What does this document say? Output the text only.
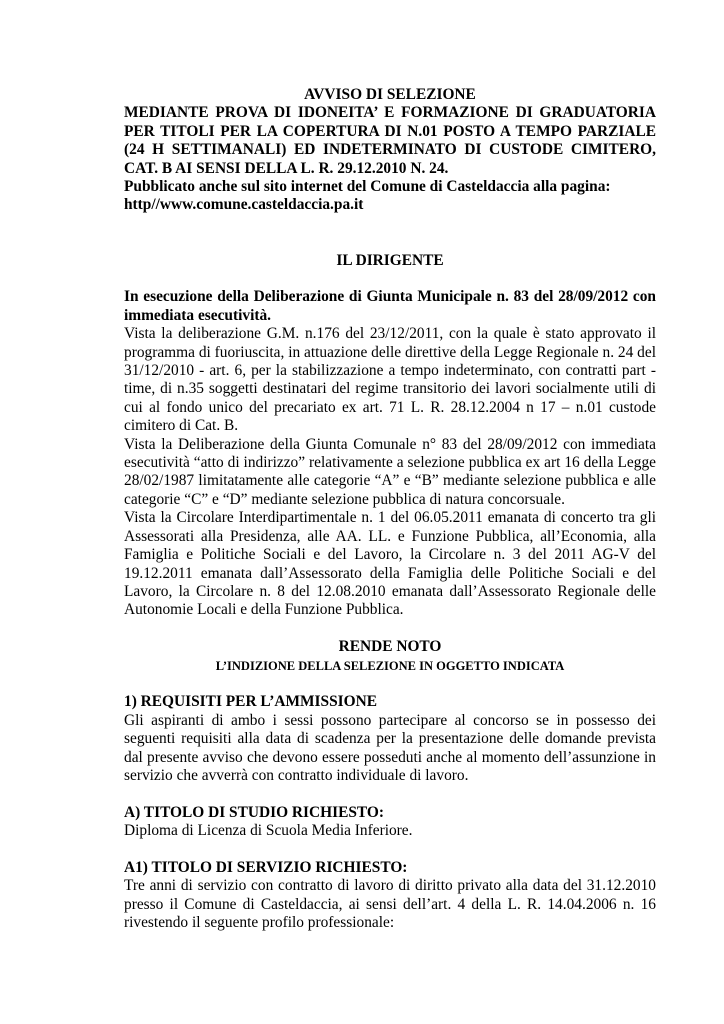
AVVISO DI SELEZIONE

MEDIANTE PROVA DI IDONEITA’ E FORMAZIONE DI GRADUATORIA PER TITOLI PER LA COPERTURA DI N.01 POSTO A TEMPO PARZIALE (24 H SETTIMANALI) ED INDETERMINATO DI CUSTODE CIMITERO, CAT. B AI SENSI DELLA L. R. 29.12.2010 N. 24.

Pubblicato anche sul sito internet del Comune di Casteldaccia alla pagina:

http//www.comune.casteldaccia.pa.it

IL DIRIGENTE

In esecuzione della Deliberazione di Giunta Municipale n. 83 del 28/09/2012 con immediata esecutività.

Vista la deliberazione G.M. n.176 del 23/12/2011, con la quale è stato approvato il programma di fuoriuscita, in attuazione delle direttive della Legge Regionale n. 24 del 31/12/2010 - art. 6, per la stabilizzazione a tempo indeterminato, con contratti part - time, di n.35 soggetti destinatari del regime transitorio dei lavori socialmente utili di cui al fondo unico del precariato ex art. 71 L. R. 28.12.2004 n 17 – n.01 custode cimitero di Cat. B.

Vista la Deliberazione della Giunta Comunale n° 83 del 28/09/2012 con immediata esecutività “atto di indirizzo” relativamente a selezione pubblica ex art 16 della Legge 28/02/1987 limitatamente alle categorie “A” e “B” mediante selezione pubblica e alle categorie “C” e “D” mediante selezione pubblica di natura concorsuale.

Vista la Circolare Interdipartimentale n. 1 del 06.05.2011 emanata di concerto tra gli Assessorati alla Presidenza, alle AA. LL. e Funzione Pubblica, all’Economia, alla Famiglia e Politiche Sociali e del Lavoro, la Circolare n. 3 del 2011 AG-V del 19.12.2011 emanata dall’Assessorato della Famiglia delle Politiche Sociali e del Lavoro, la Circolare n. 8 del 12.08.2010 emanata dall’Assessorato Regionale delle Autonomie Locali e della Funzione Pubblica.

RENDE NOTO

L’INDIZIONE DELLA SELEZIONE IN OGGETTO INDICATA

1) REQUISITI PER L’AMMISSIONE

Gli aspiranti di ambo i sessi possono partecipare al concorso se in possesso dei seguenti requisiti alla data di scadenza per la presentazione delle domande prevista dal presente avviso che devono essere posseduti anche al momento dell’assunzione in servizio che avverrà con contratto individuale di lavoro.

A) TITOLO DI STUDIO RICHIESTO:

Diploma di Licenza di Scuola Media Inferiore.

A1) TITOLO DI SERVIZIO RICHIESTO:

Tre anni di servizio con contratto di lavoro di diritto privato alla data del 31.12.2010 presso il Comune di Casteldaccia, ai sensi dell’art. 4 della L. R. 14.04.2006 n. 16 rivestendo il seguente profilo professionale:
